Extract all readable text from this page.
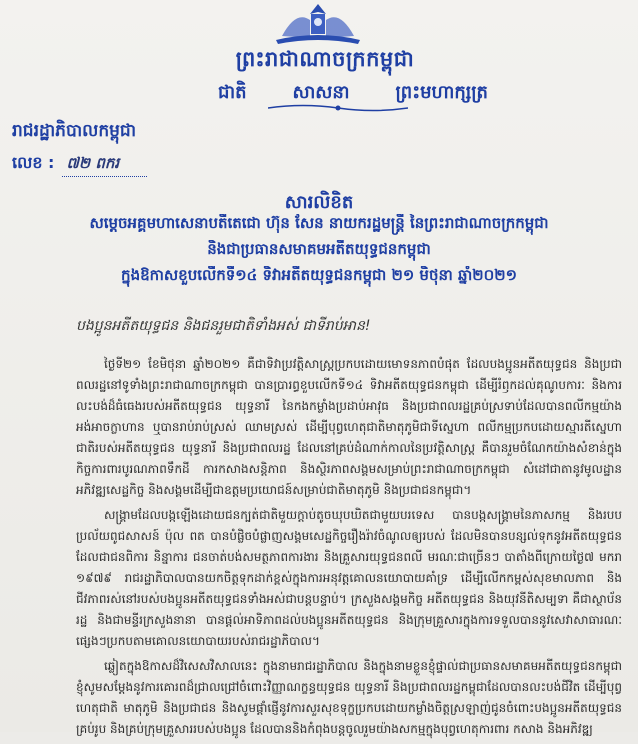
ព្រះរាជាណាចក្រកម្ពុជា
ជាតិ	សាសនា	ព្រះមហាក្សត្រ
រាជរដ្ឋាភិបាលកម្ពុជា
លេខ : ៧២ ពករ

សារលិខិត

សម្តេចអគ្គមហាសេនាបតីតេជោ ហ៊ុន សែន នាយករដ្ឋមន្ត្រី នៃព្រះរាជាណាចក្រកម្ពុជា

និងជាប្រធានសមាគមអតីតយុទ្ធជនកម្ពុជា

ក្នុងឱកាសខួបលើកទី១៤ ទិវាអតីតយុទ្ធជនកម្ពុជា ២១ មិថុនា ឆ្នាំ២០២១

បងប្អូនអតីតយុទ្ធជន និងជនរួមជាតិទាំងអស់ ជាទីរាប់អាន!

ថ្ងៃទី២១ ខែមិថុនា ឆ្នាំ២០២១ គឺជាទិវាប្រវត្តិសាស្ត្រប្រកបដោយមោទនភាពបំផុត ដែលបងប្អូនអតីតយុទ្ធជន និងប្រជាពលរដ្ឋនៅទូទាំងព្រះរាជាណាចក្រកម្ពុជា បានប្រារព្ធខួបលើកទី១៤ ទិវាអតីតយុទ្ធជនកម្ពុជា ដើម្បីរំឭកដល់គុណូបការៈ និងការលះបង់ដ៏ធំធេងរបស់អតីតយុទ្ធជន យុទ្ធនារី នៃកងកម្លាំងប្រដាប់អាវុធ និងប្រជាពលរដ្ឋគ្រប់ស្រទាប់ដែលបានពលីកម្មយ៉ាងអង់អាចក្លាហាន ឬបានរាប់រាប់ស្រស់ ឈាមស្រស់ ដើម្បីបុព្វហេតុជាតិមាតុភូមិជាទីស្នេហា ពលីកម្មប្រកបដោយស្មារតីស្នេហាជាតិរបស់អតីតយុទ្ធជន យុទ្ធនារី និងប្រជាពលរដ្ឋ ដែលនៅគ្រប់ដំណាក់កាលនៃប្រវត្តិសាស្ត្រ គឺបានរួមចំណែកយ៉ាងសំខាន់ក្នុងកិច្ចការពារបូរណភាពទឹកដី ការកសាងសន្តិភាព និងស្ថិរភាពសង្គមសម្រាប់ព្រះរាជាណាចក្រកម្ពុជា សំដៅជាតានូវមូលដ្ឋានអភិវឌ្ឍសេដ្ឋកិច្ច និងសង្គមដើម្បីជាឧត្តមប្រយោជន៍សម្រាប់ជាតិមាតុភូមិ និងប្រជាជនកម្ពុជា។

សង្គ្រាមដែលបង្កឡើងដោយជនក្បត់ជាតិមួយក្តាប់តូចឃុបឃិតជាមួយបរទេស បានបង្កសង្គ្រាមនៃភាសកម្ម និងរបបប្រល័យពូជសាសន៍ ប៉ុល ពត បានបំផ្លិចបំផ្លាញសង្គមសេដ្ឋកិច្ចរឿងរ៉ាវចំណូលឲ្យរបស់ ដែលមិនបានបន្សល់ទុកនូវអតីតយុទ្ធជនដែលជាជនពិការ និន្នាការ ជនចាត់បង់សមត្ថភាពការងារ និងគ្រួសារយុទ្ធជនពលី មរណៈជាច្រើនៗ បាតាំងពីក្រោយថ្ងៃ៧ មករា ១៩៧៩ រាជរដ្ឋាភិបាលបានយកចិត្តទុកដាក់ខ្ពស់ក្នុងការអនុវត្តគោលនយោបាយគាំទ្រ ដើម្បីលើកកម្ពស់សុខមាលភាព និងជីវភាពរស់នៅរបស់បងប្អូនអតីតយុទ្ធជនទាំងអស់ជាបន្តបន្ទាប់។ ក្រសួងសង្គមកិច្ច អតីតយុទ្ធជន និងយុវនីតិសម្បទា គឺជាស្ថាប័នរដ្ឋ និងជាមន្ទីរក្រសួងនានា បានផ្តល់អាទិភាពដល់បងប្អូនអតីតយុទ្ធជន និងក្រុមគ្រួសារក្នុងការទទួលបាននូវសេវាសាធារណៈផ្សេងៗប្រកបតាមគោលនយោបាយរបស់រាជរដ្ឋាភិបាល។

ឆ្លៀតក្នុងឱកាសដ៏វិសេសវិសាលនេះ ក្នុងនាមរាជរដ្ឋាភិបាល និងក្នុងនាមខ្លួនខ្ញុំផ្ទាល់ជាប្រធានសមាគមអតីតយុទ្ធជនកម្ពុជា ខ្ញុំសូមសម្តែងនូវការគោរពដ៏ជ្រាលជ្រៅចំពោះវិញ្ញាណក្ខន្ធយុទ្ធជន យុទ្ធនារី និងប្រជាពលរដ្ឋកម្ពុជាដែលបានលះបង់ជីវិត ដើម្បីបុព្វហេតុជាតិ មាតុភូមិ និងប្រជាជន និងសូមផ្តាំផ្ញើនូវការសួរសុខទុក្ខប្រកបដោយកម្លាំងចិត្តស្រឡាញ់ជូនចំពោះបងប្អូនអតីតយុទ្ធជនគ្រប់រូប និងគ្រប់ក្រុមគ្រួសាររបស់បងប្អូន ដែលបាននិងកំពុងបន្តចូលរួមយ៉ាងសកម្មក្នុងបុព្វហេតុការពារ កសាង និងអភិវឌ្ឍ
